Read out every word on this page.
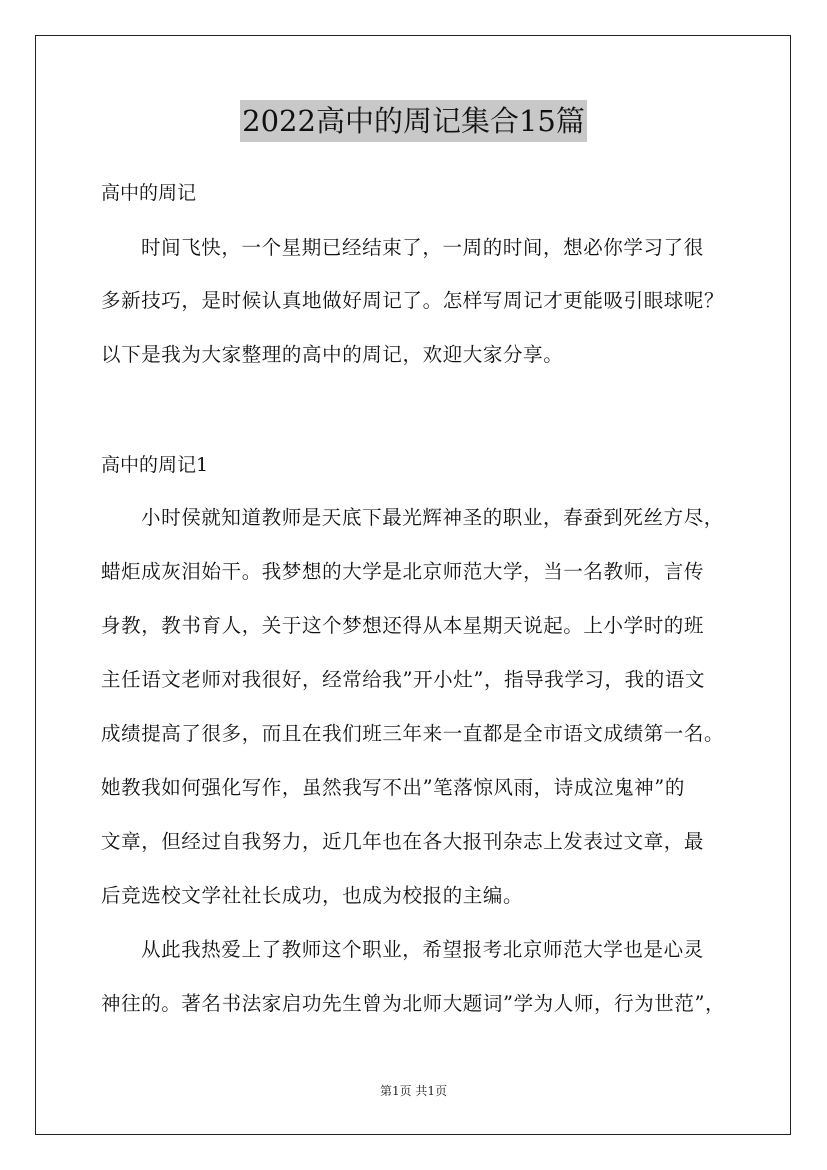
2022高中的周记集合15篇
高中的周记
时间飞快，一个星期已经结束了，一周的时间，想必你学习了很
多新技巧，是时候认真地做好周记了。怎样写周记才更能吸引眼球呢？
以下是我为大家整理的高中的周记，欢迎大家分享。
高中的周记1
小时侯就知道教师是天底下最光辉神圣的职业，春蚕到死丝方尽，
蜡炬成灰泪始干。我梦想的大学是北京师范大学，当一名教师，言传
身教，教书育人，关于这个梦想还得从本星期天说起。上小学时的班
主任语文老师对我很好，经常给我”开小灶”，指导我学习，我的语文
成绩提高了很多，而且在我们班三年来一直都是全市语文成绩第一名。
她教我如何强化写作，虽然我写不出”笔落惊风雨，诗成泣鬼神”的
文章，但经过自我努力，近几年也在各大报刊杂志上发表过文章，最
后竞选校文学社社长成功，也成为校报的主编。
从此我热爱上了教师这个职业，希望报考北京师范大学也是心灵
神往的。著名书法家启功先生曾为北师大题词”学为人师，行为世范”，
第1页 共1页
